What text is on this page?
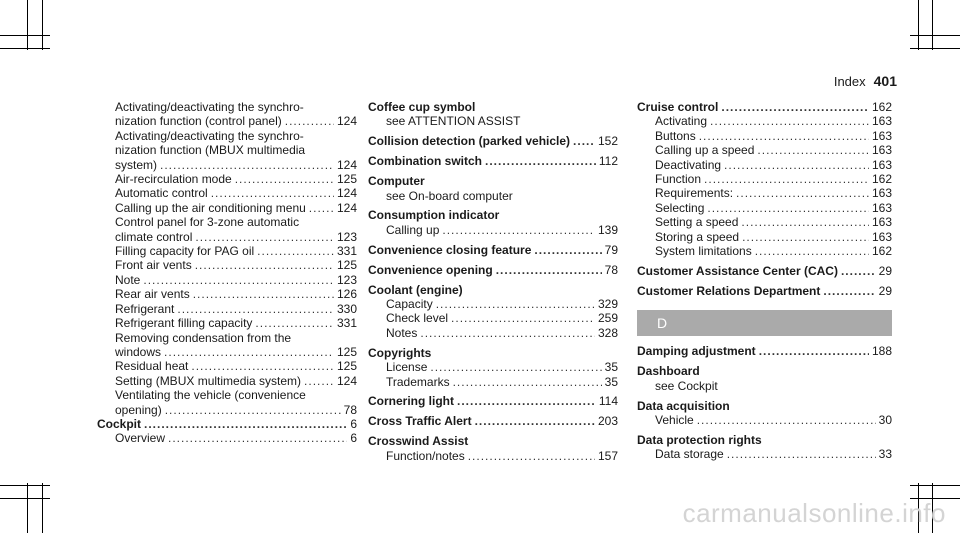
Index 401
Activating/deactivating the synchro-
nization function (control panel) .....	124
Activating/deactivating the synchro-
nization function (MBUX multimedia
system) .....	124
Air-recirculation mode .....	125
Automatic control .....	124
Calling up the air conditioning menu .....	124
Control panel for 3-zone automatic
climate control .....	123
Filling capacity for PAG oil .....	331
Front air vents .....	125
Note .....	123
Rear air vents .....	126
Refrigerant .....	330
Refrigerant filling capacity .....	331
Removing condensation from the
windows .....	125
Residual heat .....	125
Setting (MBUX multimedia system) .....	124
Ventilating the vehicle (convenience
opening) .....	78
Cockpit .....	6
Overview .....	6
Coffee cup symbol
see ATTENTION ASSIST
Collision detection (parked vehicle) ..... 152
Combination switch .....	112
Computer
see On-board computer
Consumption indicator
Calling up .....	139
Convenience closing feature .....	79
Convenience opening .....	78
Coolant (engine)
Capacity .....	329
Check level .....	259
Notes .....	328
Copyrights
License .....	35
Trademarks .....	35
Cornering light .....	114
Cross Traffic Alert .....	203
Crosswind Assist
Function/notes .....	157
Cruise control .....	162
Activating .....	163
Buttons .....	163
Calling up a speed .....	163
Deactivating .....	163
Function .....	162
Requirements: .....	163
Selecting .....	163
Setting a speed .....	163
Storing a speed .....	163
System limitations .....	162
Customer Assistance Center (CAC) .....	29
Customer Relations Department .....	29
D
Damping adjustment .....	188
Dashboard
see Cockpit
Data acquisition
Vehicle .....	30
Data protection rights
Data storage .....	33
carmanualsonline.info
